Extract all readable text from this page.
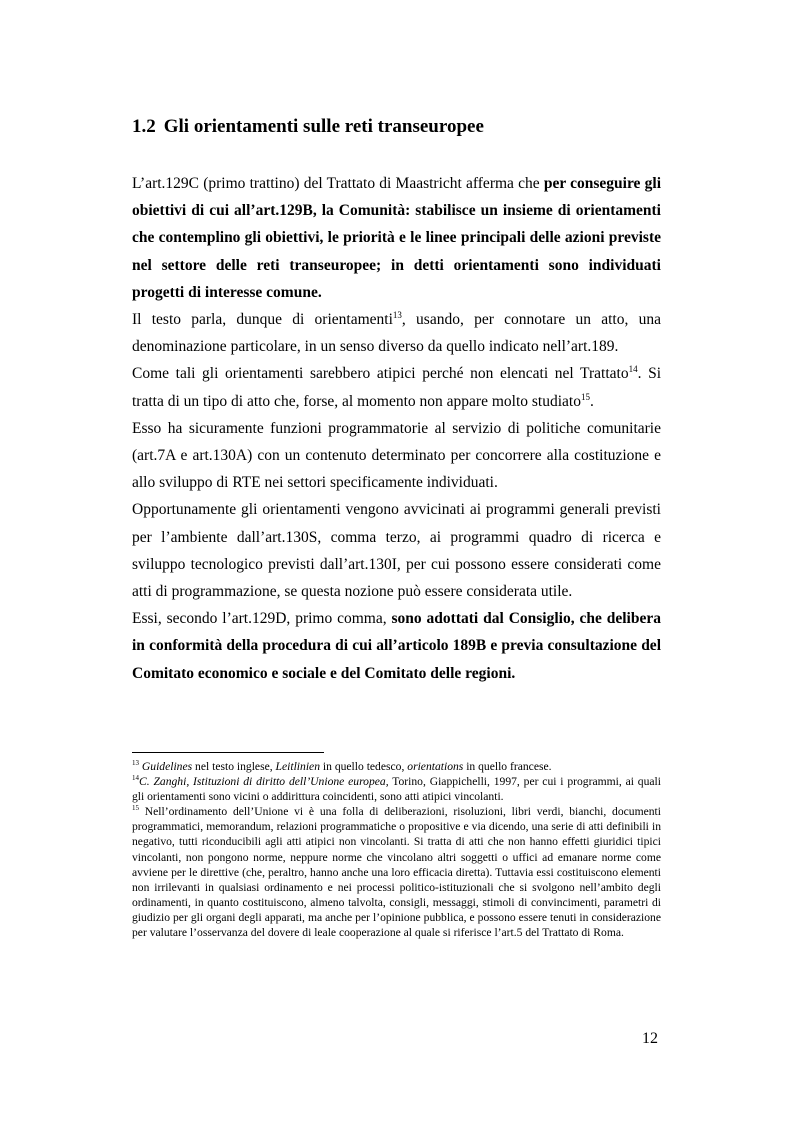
1.2 Gli orientamenti sulle reti transeuropee

L’art.129C (primo trattino) del Trattato di Maastricht afferma che per conseguire gli obiettivi di cui all’art.129B, la Comunità: stabilisce un insieme di orientamenti che contemplino gli obiettivi, le priorità e le linee principali delle azioni previste nel settore delle reti transeuropee; in detti orientamenti sono individuati progetti di interesse comune.

Il testo parla, dunque di orientamenti$^{13}$, usando, per connotare un atto, una denominazione particolare, in un senso diverso da quello indicato nell’art.189.

Come tali gli orientamenti sarebbero atipici perché non elencati nel Trattato$^{14}$. Si tratta di un tipo di atto che, forse, al momento non appare molto studiato$^{15}$.

Esso ha sicuramente funzioni programmatorie al servizio di politiche comunitarie (art.7A e art.130A) con un contenuto determinato per concorrere alla costituzione e allo sviluppo di RTE nei settori specificamente individuati.

Opportunamente gli orientamenti vengono avvicinati ai programmi generali previsti per l’ambiente dall’art.130S, comma terzo, ai programmi quadro di ricerca e sviluppo tecnologico previsti dall’art.130I, per cui possono essere considerati come atti di programmazione, se questa nozione può essere considerata utile.

Essi, secondo l’art.129D, primo comma, sono adottati dal Consiglio, che delibera in conformità della procedura di cui all’articolo 189B e previa consultazione del Comitato economico e sociale e del Comitato delle regioni.

$^{13}$ Guidelines nel testo inglese, Leitlinien in quello tedesco, orientations in quello francese.

$^{14}$C. Zanghi, Istituzioni di diritto dell’Unione europea, Torino, Giappichelli, 1997, per cui i programmi, ai quali gli orientamenti sono vicini o addirittura coincidenti, sono atti atipici vincolanti.

$^{15}$ Nell’ordinamento dell’Unione vi è una folla di deliberazioni, risoluzioni, libri verdi, bianchi, documenti programmatici, memorandum, relazioni programmatiche o propositive e via dicendo, una serie di atti definibili in negativo, tutti riconducibili agli atti atipici non vincolanti. Si tratta di atti che non hanno effetti giuridici tipici vincolanti, non pongono norme, neppure norme che vincolano altri soggetti o uffici ad emanare norme come avviene per le direttive (che, peraltro, hanno anche una loro efficacia diretta). Tuttavia essi costituiscono elementi non irrilevanti in qualsiasi ordinamento e nei processi politico-istituzionali che si svolgono nell’ambito degli ordinamenti, in quanto costituiscono, almeno talvolta, consigli, messaggi, stimoli di convincimenti, parametri di giudizio per gli organi degli apparati, ma anche per l’opinione pubblica, e possono essere tenuti in considerazione per valutare l’osservanza del dovere di leale cooperazione al quale si riferisce l’art.5 del Trattato di Roma.

12
